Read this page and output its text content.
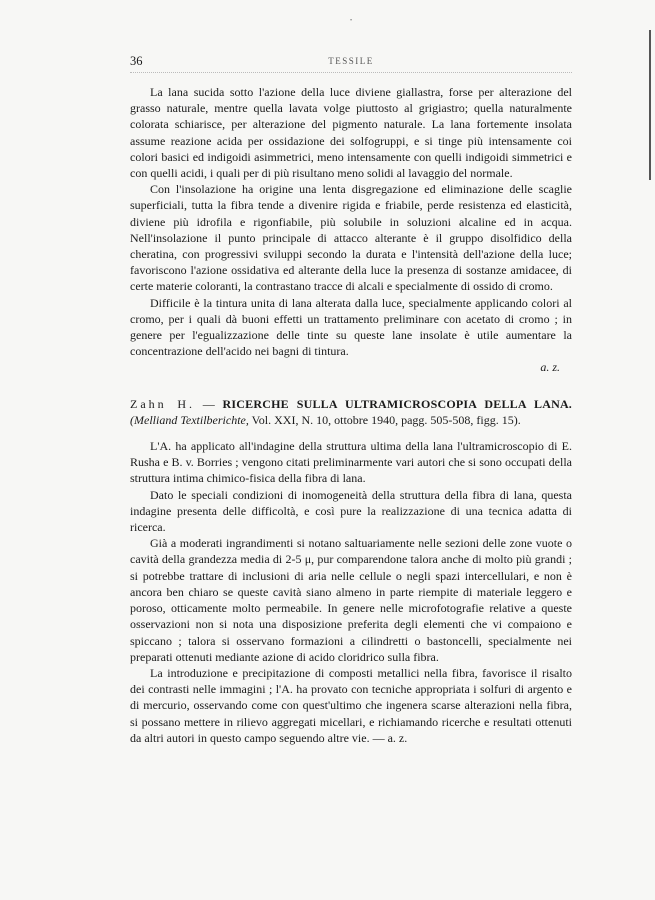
•
36	TESSILE

La lana sucida sotto l'azione della luce diviene giallastra, forse per alterazione del grasso naturale, mentre quella lavata volge piuttosto al grigiastro; quella naturalmente colorata schiarisce, per alterazione del pigmento naturale. La lana fortemente insolata assume reazione acida per ossidazione dei solfogruppi, e si tinge più intensamente coi colori basici ed indigoidi asimmetrici, meno intensamente con quelli indigoidi simmetrici e con quelli acidi, i quali per di più risultano meno solidi al lavaggio del normale.

Con l'insolazione ha origine una lenta disgregazione ed eliminazione delle scaglie superficiali, tutta la fibra tende a divenire rigida e friabile, perde resistenza ed elasticità, diviene più idrofila e rigonfiabile, più solubile in soluzioni alcaline ed in acqua. Nell'insolazione il punto principale di attacco alterante è il gruppo disolfidico della cheratina, con progressivi sviluppi secondo la durata e l'intensità dell'azione della luce; favoriscono l'azione ossidativa ed alterante della luce la presenza di sostanze amidacee, di certe materie coloranti, la contrastano tracce di alcali e specialmente di ossido di cromo.

Difficile è la tintura unita di lana alterata dalla luce, specialmente applicando colori al cromo, per i quali dà buoni effetti un trattamento preliminare con acetato di cromo ; in genere per l'egualizzazione delle tinte su queste lane insolate è utile aumentare la concentrazione dell'acido nei bagni di tintura.

a. z.

Zahn H. — RICERCHE SULLA ULTRAMICROSCOPIA DELLA LANA. (Melliand Textilberichte, Vol. XXI, N. 10, ottobre 1940, pagg. 505-508, figg. 15).

L'A. ha applicato all'indagine della struttura ultima della lana l'ultramicroscopio di E. Rusha e B. v. Borries ; vengono citati preliminarmente vari autori che si sono occupati della struttura intima chimico-fisica della fibra di lana.

Dato le speciali condizioni di inomogeneità della struttura della fibra di lana, questa indagine presenta delle difficoltà, e così pure la realizzazione di una tecnica adatta di ricerca.

Già a moderati ingrandimenti si notano saltuariamente nelle sezioni delle zone vuote o cavità della grandezza media di 2-5 μ, pur comparendone talora anche di molto più grandi ; si potrebbe trattare di inclusioni di aria nelle cellule o negli spazi intercellulari, e non è ancora ben chiaro se queste cavità siano almeno in parte riempite di materiale leggero e poroso, otticamente molto permeabile. In genere nelle microfotografie relative a queste osservazioni non si nota una disposizione preferita degli elementi che vi compaiono e spiccano ; talora si osservano formazioni a cilindretti o bastoncelli, specialmente nei preparati ottenuti mediante azione di acido cloridrico sulla fibra.

La introduzione e precipitazione di composti metallici nella fibra, favorisce il risalto dei contrasti nelle immagini ; l'A. ha provato con tecniche appropriata i solfuri di argento e di mercurio, osservando come con quest'ultimo che ingenera scarse alterazioni nella fibra, si possano mettere in rilievo aggregati micellari, e richiamando ricerche e resultati ottenuti da altri autori in questo campo seguendo altre vie. — a. z.
